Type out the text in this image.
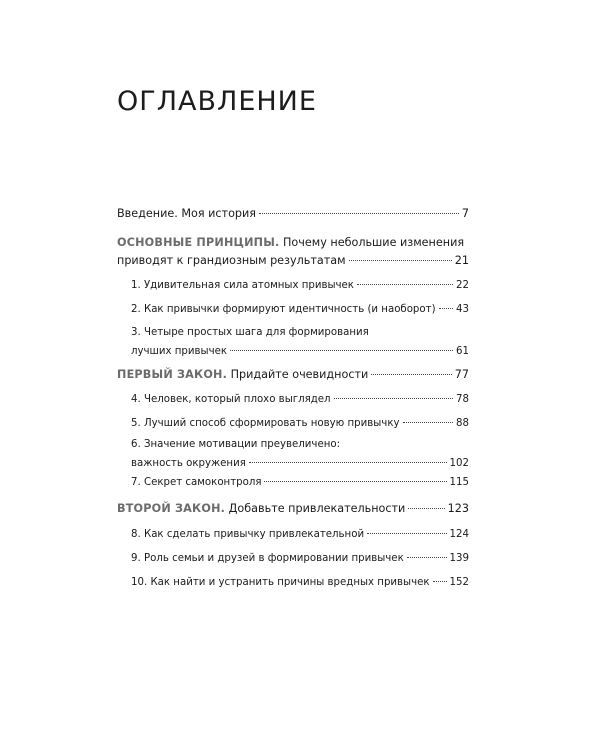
ОГЛАВЛЕНИЕ
Введение. Моя история	7
ОСНОВНЫЕ ПРИНЦИПЫ. Почему небольшие изменения
приводят к грандиозным результатам	21
1. Удивительная сила атомных привычек	22
2. Как привычки формируют идентичность (и наоборот) 43
3. Четыре простых шага для формирования
лучших привычек	61
ПЕРВЫЙ ЗАКОН. Придайте очевидности	77
4. Человек, который плохо выглядел	78
5. Лучший способ сформировать новую привычку	88
6. Значение мотивации преувеличено:
важность окружения	102
7. Секрет самоконтроля	115
ВТОРОЙ ЗАКОН. Добавьте привлекательности	123
8. Как сделать привычку привлекательной	124
9. Роль семьи и друзей в формировании привычек	139
10. Как найти и устранить причины вредных привычек 152
